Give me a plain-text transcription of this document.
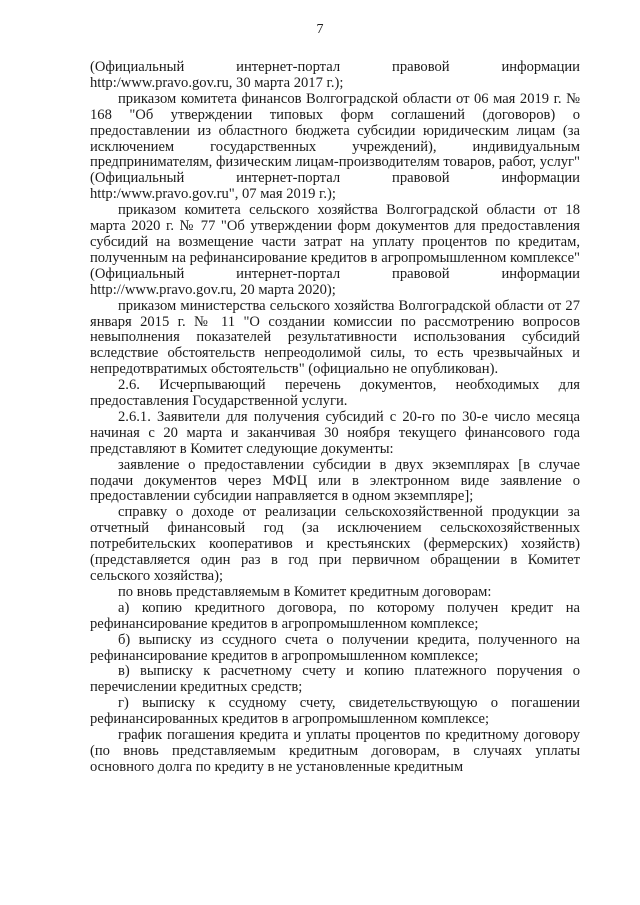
7

(Официальный интернет-портал правовой информации http:/www.pravo.gov.ru, 30 марта 2017 г.);

приказом комитета финансов Волгоградской области от 06 мая 2019 г. № 168 "Об утверждении типовых форм соглашений (договоров) о предоставлении из областного бюджета субсидии юридическим лицам (за исключением государственных учреждений), индивидуальным предпринимателям, физическим лицам-производителям товаров, работ, услуг" (Официальный интернет-портал правовой информации http:/www.pravo.gov.ru", 07 мая 2019 г.);

приказом комитета сельского хозяйства Волгоградской области от 18 марта 2020 г. № 77 "Об утверждении форм документов для предоставления субсидий на возмещение части затрат на уплату процентов по кредитам, полученным на рефинансирование кредитов в агропромышленном комплексе" (Официальный интернет-портал правовой информации http://www.pravo.gov.ru, 20 марта 2020);

приказом министерства сельского хозяйства Волгоградской области от 27 января 2015 г. № 11 "О создании комиссии по рассмотрению вопросов невыполнения показателей результативности использования субсидий вследствие обстоятельств непреодолимой силы, то есть чрезвычайных и непредотвратимых обстоятельств" (официально не опубликован).

2.6. Исчерпывающий перечень документов, необходимых для предоставления Государственной услуги.

2.6.1. Заявители для получения субсидий с 20-го по 30-е число месяца начиная с 20 марта и заканчивая 30 ноября текущего финансового года представляют в Комитет следующие документы:

заявление о предоставлении субсидии в двух экземплярах [в случае подачи документов через МФЦ или в электронном виде заявление о предоставлении субсидии направляется в одном экземпляре];

справку о доходе от реализации сельскохозяйственной продукции за отчетный финансовый год (за исключением сельскохозяйственных потребительских кооперативов и крестьянских (фермерских) хозяйств) (представляется один раз в год при первичном обращении в Комитет сельского хозяйства);

по вновь представляемым в Комитет кредитным договорам:

а) копию кредитного договора, по которому получен кредит на рефинансирование кредитов в агропромышленном комплексе;

б) выписку из ссудного счета о получении кредита, полученного на рефинансирование кредитов в агропромышленном комплексе;

в) выписку к расчетному счету и копию платежного поручения о перечислении кредитных средств;

г) выписку к ссудному счету, свидетельствующую о погашении рефинансированных кредитов в агропромышленном комплексе;

график погашения кредита и уплаты процентов по кредитному договору (по вновь представляемым кредитным договорам, в случаях уплаты основного долга по кредиту в не установленные кредитным
